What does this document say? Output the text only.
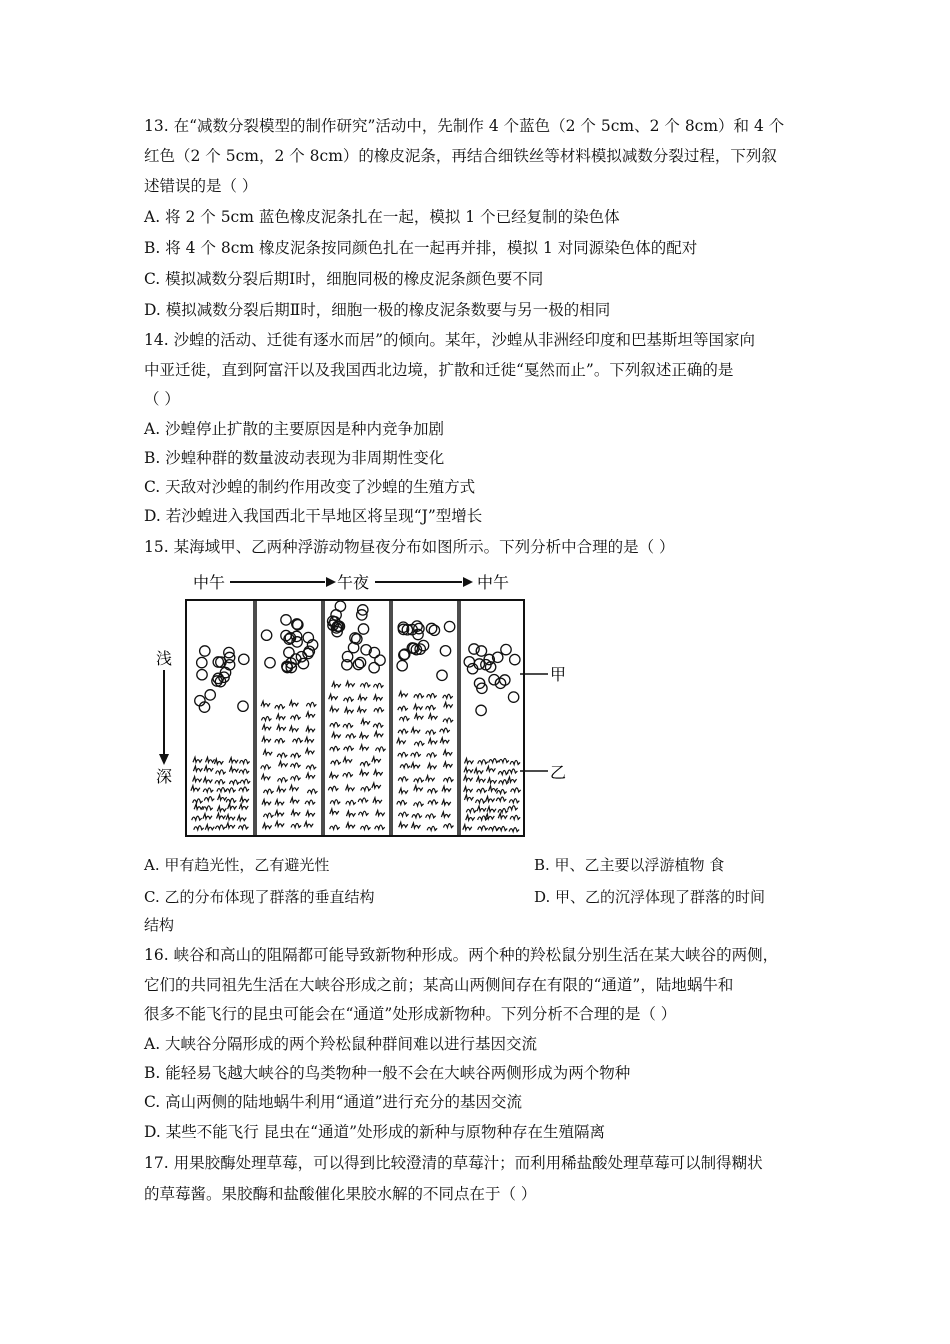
13. 在“减数分裂模型的制作研究”活动中，先制作 4 个蓝色（2 个 5cm、2 个 8cm）和 4 个
红色（2 个 5cm，2 个 8cm）的橡皮泥条，再结合细铁丝等材料模拟减数分裂过程，下列叙
述错误的是（ ）
A. 将 2 个 5cm 蓝色橡皮泥条扎在一起，模拟 1 个已经复制的染色体
B. 将 4 个 8cm 橡皮泥条按同颜色扎在一起再并排，模拟 1 对同源染色体的配对
C. 模拟减数分裂后期Ⅰ时，细胞同极的橡皮泥条颜色要不同
D. 模拟减数分裂后期Ⅱ时，细胞一极的橡皮泥条数要与另一极的相同
14. 沙蝗的活动、迁徙有逐水而居”的倾向。某年，沙蝗从非洲经印度和巴基斯坦等国家向
中亚迁徙，直到阿富汗以及我国西北边境，扩散和迁徙“戛然而止”。下列叙述正确的是
（ ）
A. 沙蝗停止扩散的主要原因是种内竞争加剧
B. 沙蝗种群的数量波动表现为非周期性变化
C. 天敌对沙蝗的制约作用改变了沙蝗的生殖方式
D. 若沙蝗进入我国西北干旱地区将呈现“J”型增长
15. 某海域甲、乙两种浮游动物昼夜分布如图所示。下列分析中合理的是（ ）
中午	午夜	中午
浅
深
甲
乙
A. 甲有趋光性，乙有避光性	B. 甲、乙主要以浮游植物 食
C. 乙的分布体现了群落的垂直结构	D. 甲、乙的沉浮体现了群落的时间
结构
16. 峡谷和高山的阻隔都可能导致新物种形成。两个种的羚松鼠分别生活在某大峡谷的两侧，
它们的共同祖先生活在大峡谷形成之前；某高山两侧间存在有限的“通道”，陆地蜗牛和
很多不能飞行的昆虫可能会在“通道”处形成新物种。下列分析不合理的是（ ）
A. 大峡谷分隔形成的两个羚松鼠种群间难以进行基因交流
B. 能轻易飞越大峡谷的鸟类物种一般不会在大峡谷两侧形成为两个物种
C. 高山两侧的陆地蜗牛利用“通道”进行充分的基因交流
D. 某些不能飞行 昆虫在“通道”处形成的新种与原物种存在生殖隔离
17. 用果胶酶处理草莓，可以得到比较澄清的草莓汁；而利用稀盐酸处理草莓可以制得糊状
的草莓酱。果胶酶和盐酸催化果胶水解的不同点在于（ ）
